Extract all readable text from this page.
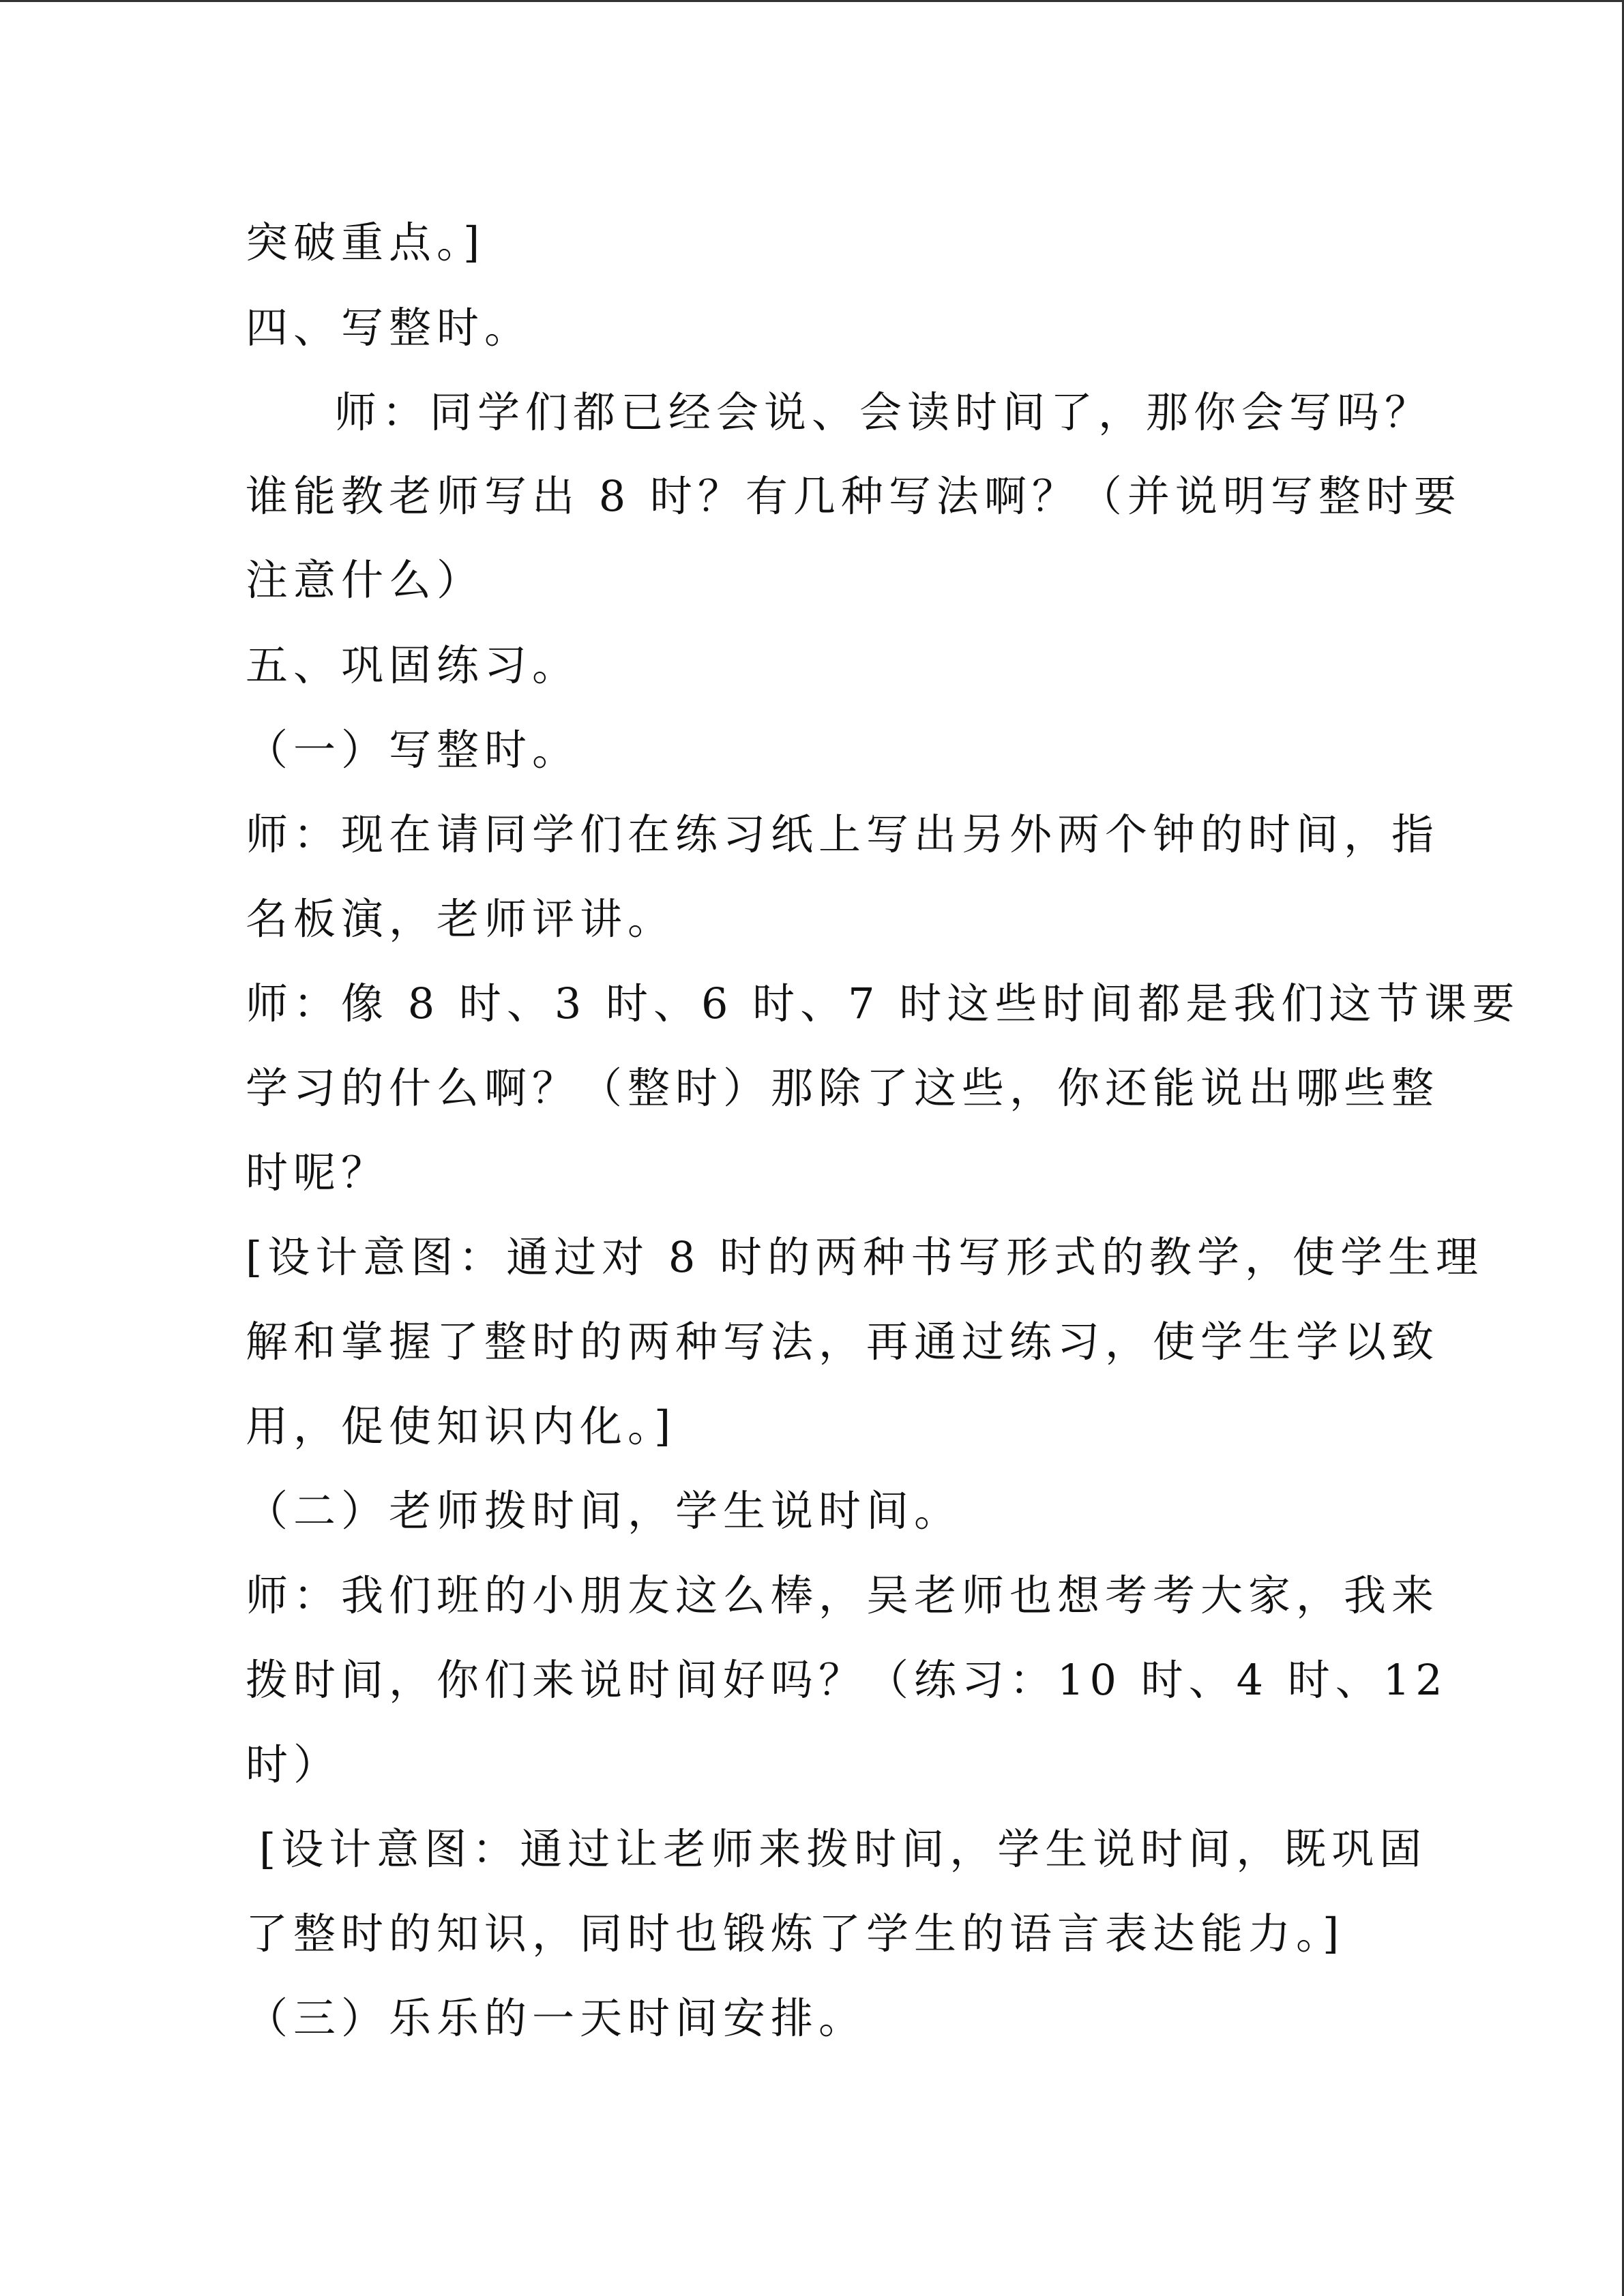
突破重点。]
四、写整时。
师：同学们都已经会说、会读时间了，那你会写吗？
谁能教老师写出 8 时？有几种写法啊？（并说明写整时要
注意什么）
五、巩固练习。
（一）写整时。
师：现在请同学们在练习纸上写出另外两个钟的时间，指
名板演，老师评讲。
师：像 8 时、3 时、6 时、7 时这些时间都是我们这节课要
学习的什么啊？（整时）那除了这些，你还能说出哪些整
时呢？
[设计意图：通过对 8 时的两种书写形式的教学，使学生理
解和掌握了整时的两种写法，再通过练习，使学生学以致
用，促使知识内化。]
（二）老师拨时间，学生说时间。
师：我们班的小朋友这么棒，吴老师也想考考大家，我来
拨时间，你们来说时间好吗？（练习：10 时、4 时、12
时）
[设计意图：通过让老师来拨时间，学生说时间，既巩固
了整时的知识，同时也锻炼了学生的语言表达能力。]
（三）乐乐的一天时间安排。
